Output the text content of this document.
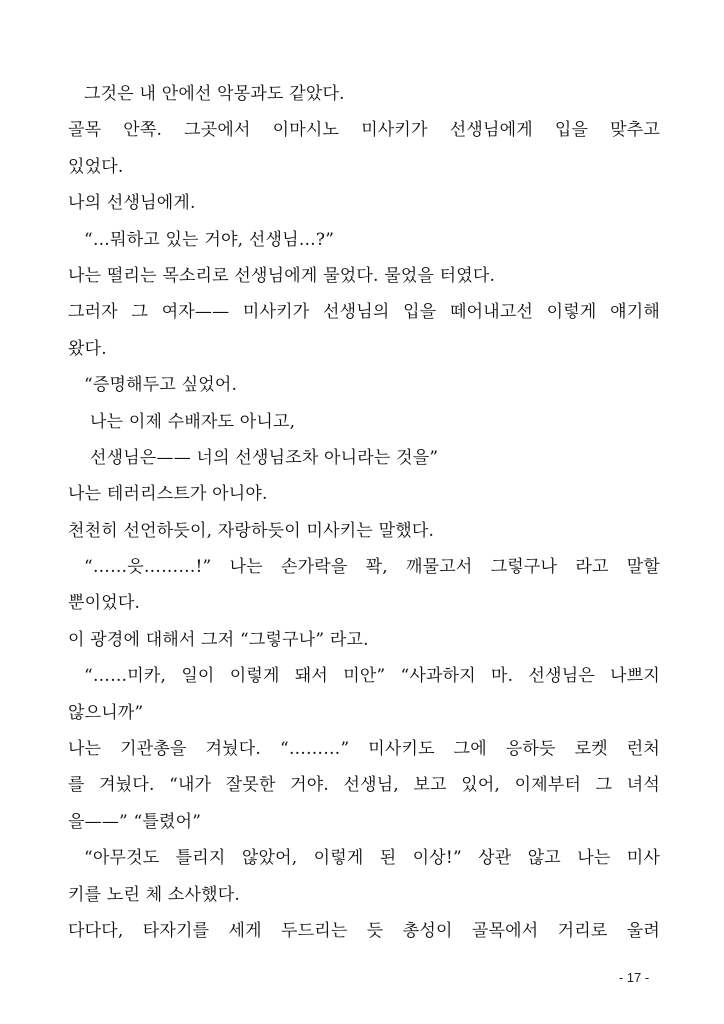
그것은 내 안에선 악몽과도 같았다.
골목 안쪽. 그곳에서 이마시노 미사키가 선생님에게 입을 맞추고
있었다.
나의 선생님에게.
“…뭐하고 있는 거야, 선생님…?”
나는 떨리는 목소리로 선생님에게 물었다. 물었을 터였다.
그러자 그 여자—— 미사키가 선생님의 입을 떼어내고선 이렇게 얘기해
왔다.
“증명해두고 싶었어.
나는 이제 수배자도 아니고,
선생님은—— 너의 선생님조차 아니라는 것을”
나는 테러리스트가 아니야.
천천히 선언하듯이, 자랑하듯이 미사키는 말했다.
“……읏………!” 나는 손가락을 꽉, 깨물고서 그렇구나 라고 말할
뿐이었다.
이 광경에 대해서 그저 “그렇구나” 라고.
“……미카, 일이 이렇게 돼서 미안” “사과하지 마. 선생님은 나쁘지
않으니까”
나는 기관총을 겨눴다. “………” 미사키도 그에 응하듯 로켓 런처
를 겨눴다. “내가 잘못한 거야. 선생님, 보고 있어, 이제부터 그 녀석
을——” “틀렸어”
“아무것도 틀리지 않았어, 이렇게 된 이상!” 상관 않고 나는 미사
키를 노린 체 소사했다.
다다다, 타자기를 세게 두드리는 듯 총성이 골목에서 거리로 울려
- 17 -
